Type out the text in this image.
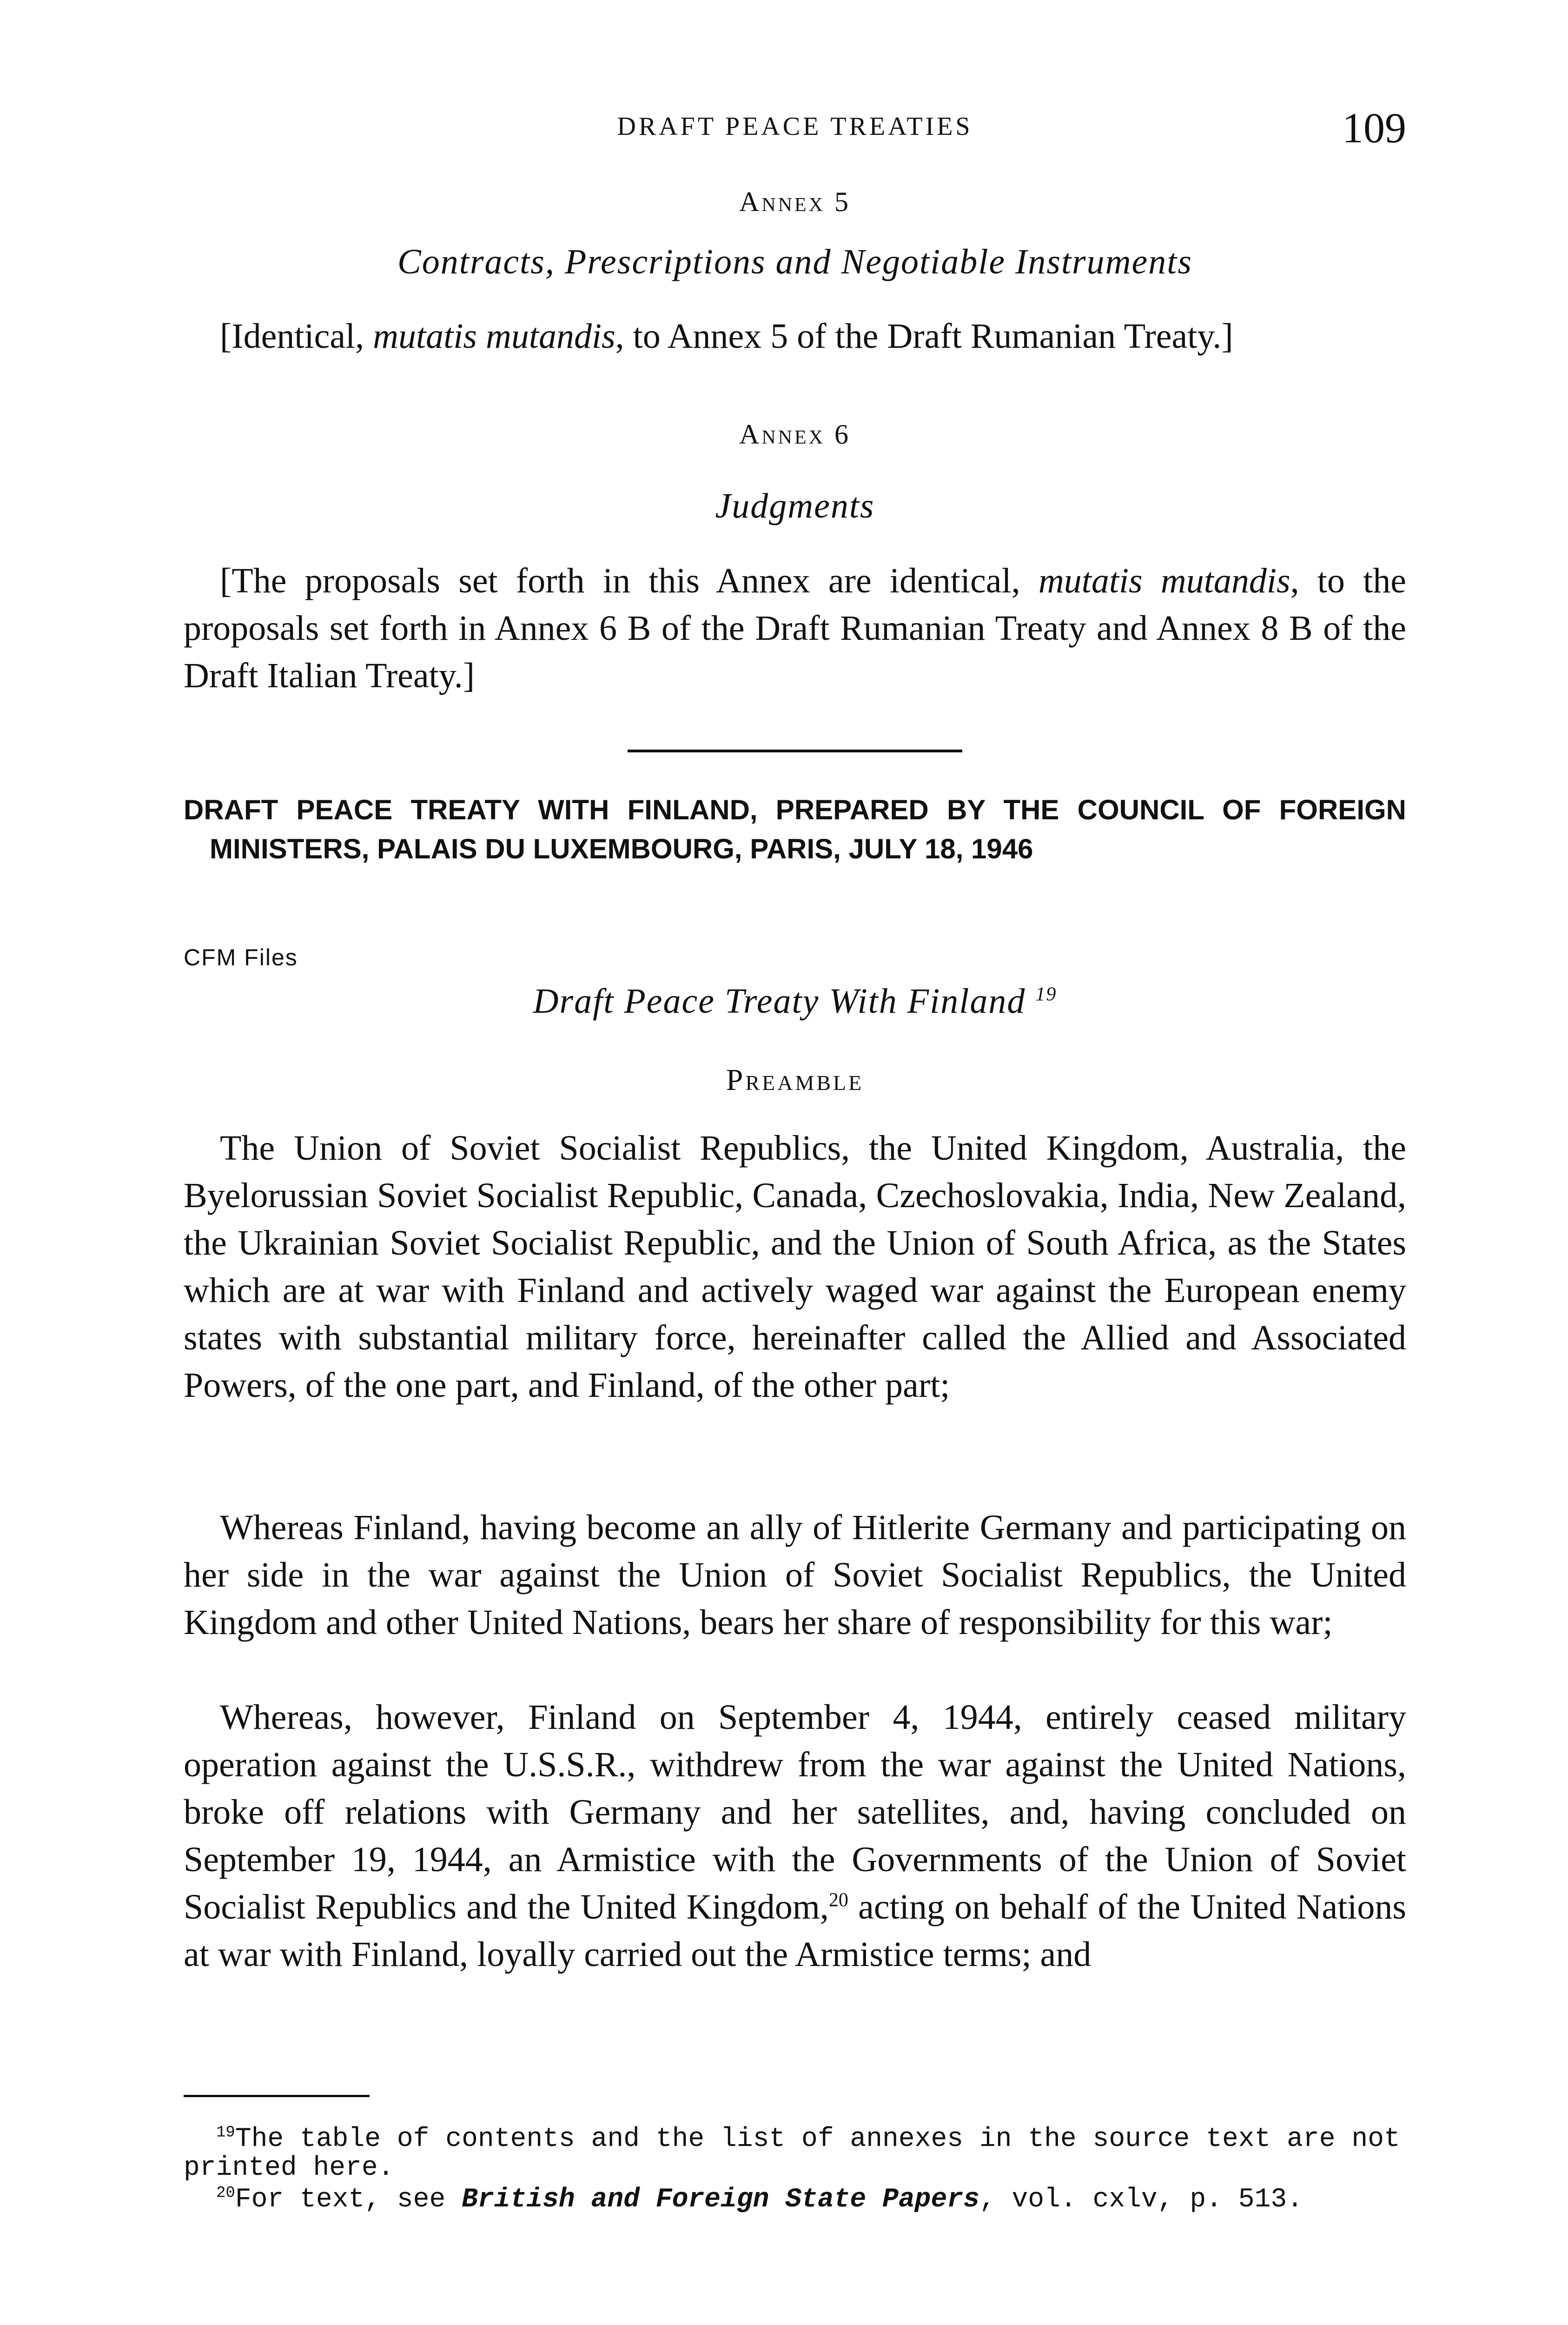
DRAFT PEACE TREATIES	109
Annex 5
Contracts, Prescriptions and Negotiable Instruments

[Identical, mutatis mutandis, to Annex 5 of the Draft Rumanian Treaty.]

Annex 6
Judgments

[The proposals set forth in this Annex are identical, mutatis mutandis, to the proposals set forth in Annex 6 B of the Draft Rumanian Treaty and Annex 8 B of the Draft Italian Treaty.]

DRAFT PEACE TREATY WITH FINLAND, PREPARED BY THE COUNCIL OF FOREIGN MINISTERS, PALAIS DU LUXEMBOURG, PARIS, JULY 18, 1946

CFM Files
Draft Peace Treaty With Finland $^{19}$
Preamble

The Union of Soviet Socialist Republics, the United Kingdom, Australia, the Byelorussian Soviet Socialist Republic, Canada, Czechoslovakia, India, New Zealand, the Ukrainian Soviet Socialist Republic, and the Union of South Africa, as the States which are at war with Finland and actively waged war against the European enemy states with substantial military force, hereinafter called the Allied and Associated Powers, of the one part, and Finland, of the other part;

Whereas Finland, having become an ally of Hitlerite Germany and participating on her side in the war against the Union of Soviet Socialist Republics, the United Kingdom and other United Nations, bears her share of responsibility for this war;

Whereas, however, Finland on September 4, 1944, entirely ceased military operation against the U.S.S.R., withdrew from the war against the United Nations, broke off relations with Germany and her satellites, and, having concluded on September 19, 1944, an Armistice with the Governments of the Union of Soviet Socialist Republics and the United Kingdom,$^{20}$ acting on behalf of the United Nations at war with Finland, loyally carried out the Armistice terms; and

$^{19}$The table of contents and the list of annexes in the source text are not printed here.

$^{20}$For text, see British and Foreign State Papers, vol. cxlv, p. 513.
